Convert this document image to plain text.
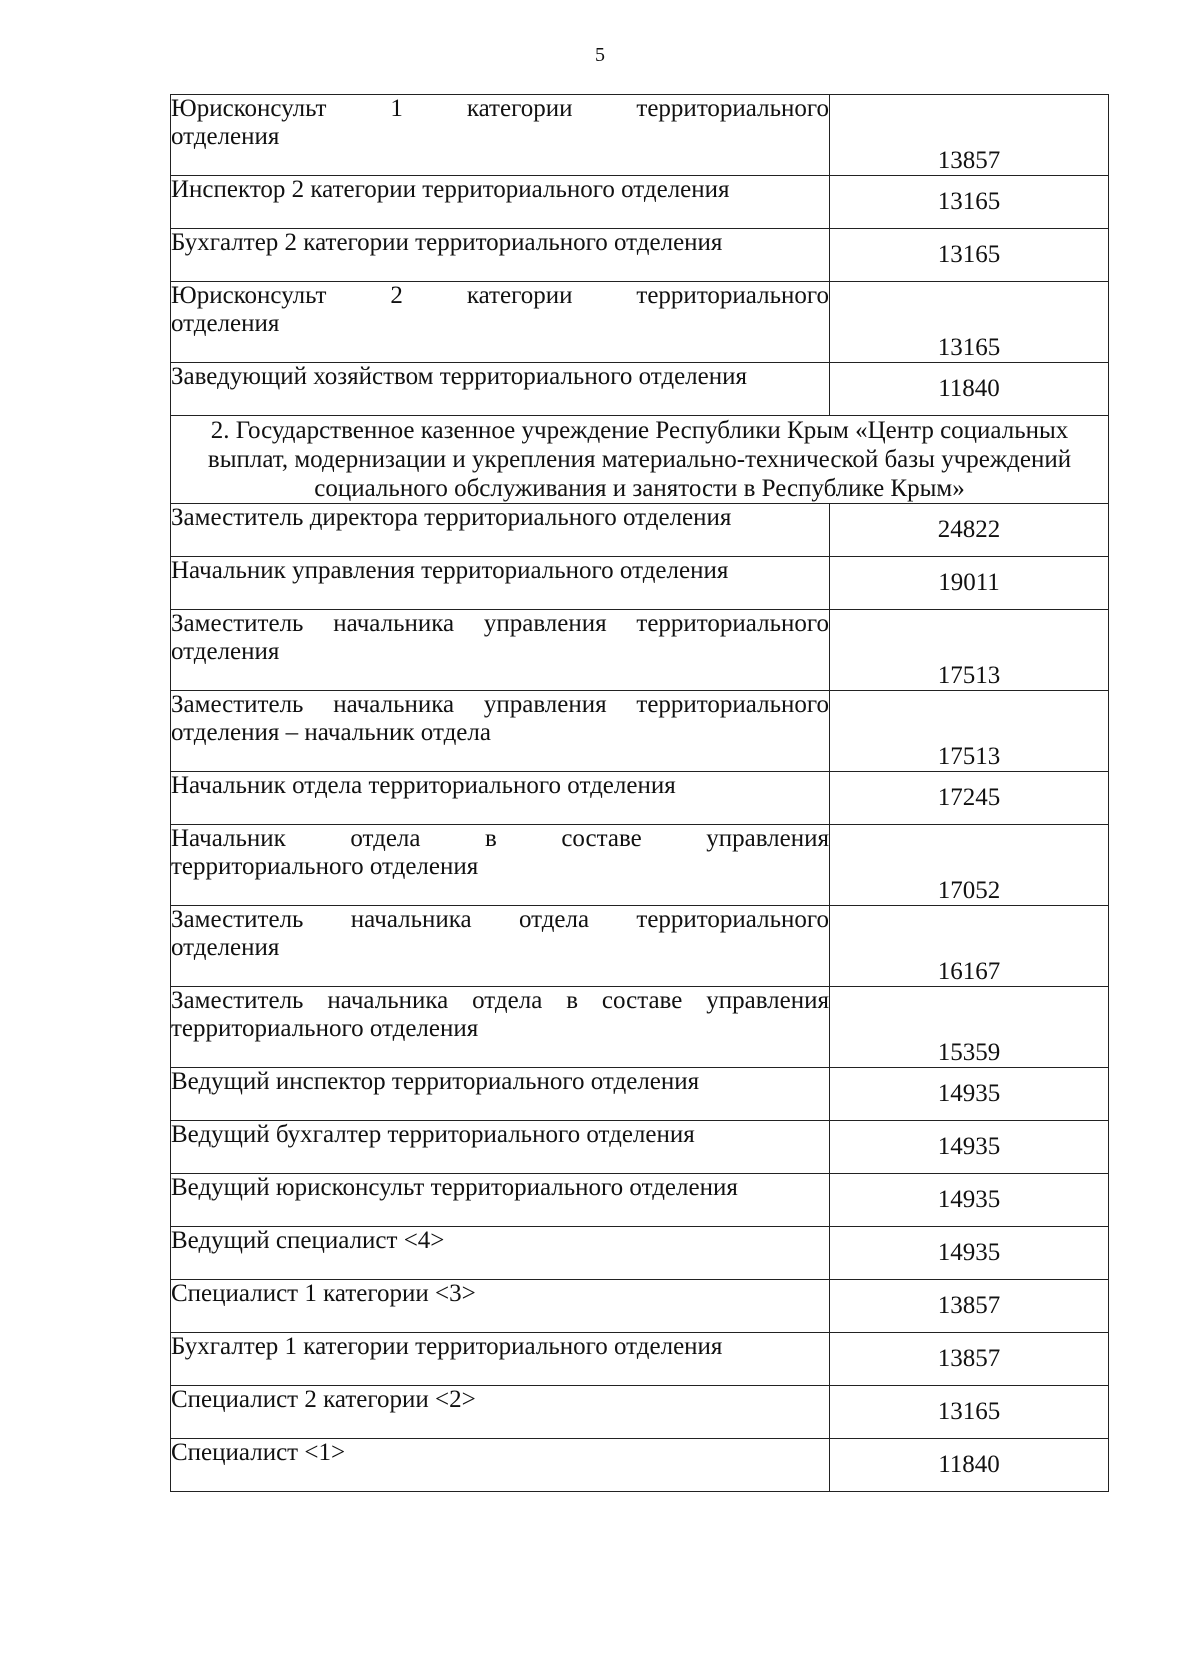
5
Юрисконсульт 1 категории территориального
отделения	13857
Инспектор 2 категории территориального отделения	13165
Бухгалтер 2 категории территориального отделения	13165

Юрисконсульт 2 категории территориального
отделения	13165
Заведующий хозяйством территориального отделения	11840
2. Государственное казенное учреждение Республики Крым «Центр социальных выплат, модернизации и укрепления материально-технической базы учреждений социального обслуживания и занятости в Республике Крым»	
Заместитель директора территориального отделения	24822
Начальник управления территориального отделения	19011

Заместитель начальника управления территориального
отделения	17513

Заместитель начальника управления территориального
отделения – начальник отдела	17513
Начальник отдела территориального отделения	17245

Начальник отдела в составе управления
территориального отделения	17052

Заместитель начальника отдела территориального
отделения	16167

Заместитель начальника отдела в составе управления
территориального отделения	15359
Ведущий инспектор территориального отделения	14935
Ведущий бухгалтер территориального отделения	14935
Ведущий юрисконсульт территориального отделения	14935
Ведущий специалист <4>	14935
Специалист 1 категории <3>	13857
Бухгалтер 1 категории территориального отделения	13857
Специалист 2 категории <2>	13165
Специалист <1>	11840
